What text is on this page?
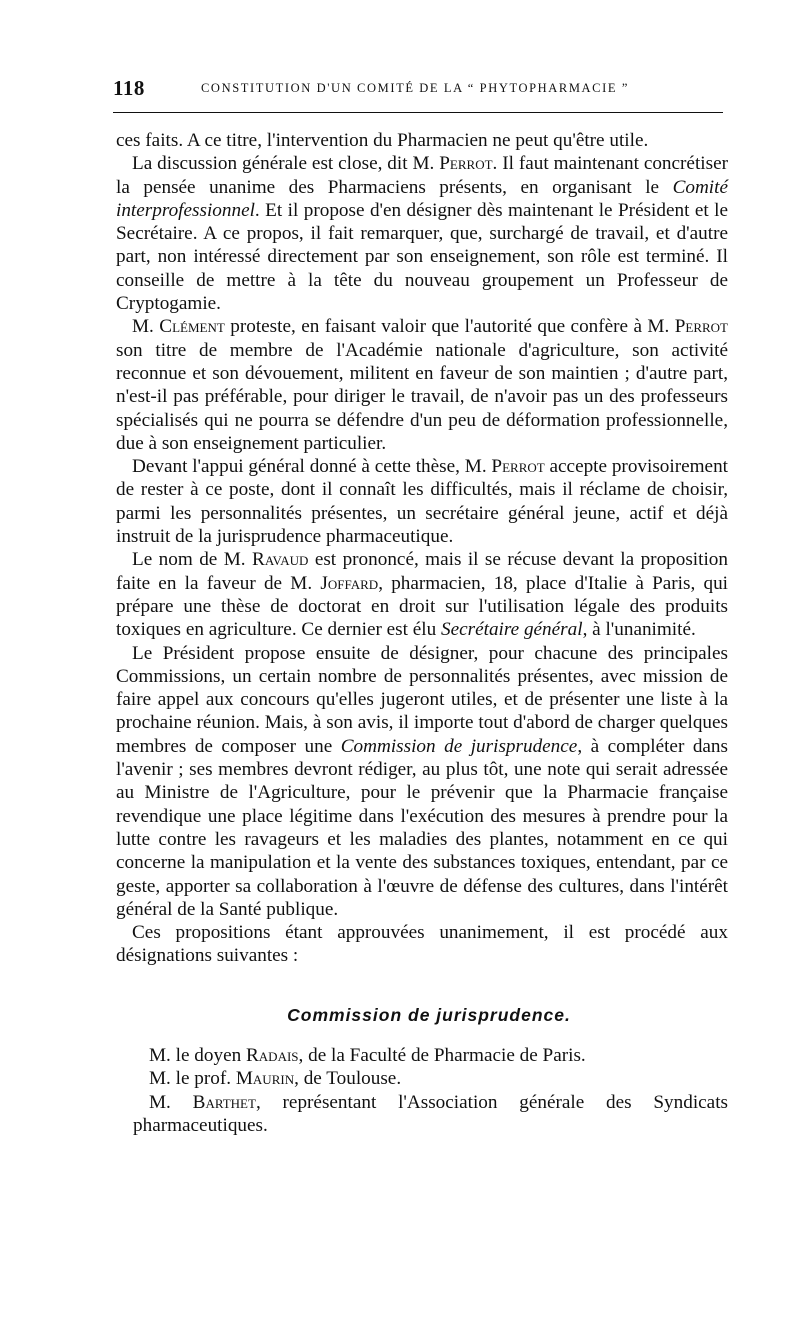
118	CONSTITUTION D'UN COMITÉ DE LA “ PHYTOPHARMACIE ”

ces faits. A ce titre, l'intervention du Pharmacien ne peut qu'être utile.

La discussion générale est close, dit M. Perrot. Il faut maintenant concrétiser la pensée unanime des Pharmaciens présents, en organisant le Comité interprofessionnel. Et il propose d'en désigner dès maintenant le Président et le Secrétaire. A ce propos, il fait remarquer, que, surchargé de travail, et d'autre part, non intéressé directement par son enseignement, son rôle est terminé. Il conseille de mettre à la tête du nouveau groupement un Professeur de Cryptogamie.

M. Clément proteste, en faisant valoir que l'autorité que confère à M. Perrot son titre de membre de l'Académie nationale d'agriculture, son activité reconnue et son dévouement, militent en faveur de son maintien ; d'autre part, n'est-il pas préférable, pour diriger le travail, de n'avoir pas un des professeurs spécialisés qui ne pourra se défendre d'un peu de déformation professionnelle, due à son enseignement particulier.

Devant l'appui général donné à cette thèse, M. Perrot accepte provisoirement de rester à ce poste, dont il connaît les difficultés, mais il réclame de choisir, parmi les personnalités présentes, un secrétaire général jeune, actif et déjà instruit de la jurisprudence pharmaceutique.

Le nom de M. Ravaud est prononcé, mais il se récuse devant la proposition faite en la faveur de M. Joffard, pharmacien, 18, place d'Italie à Paris, qui prépare une thèse de doctorat en droit sur l'utilisation légale des produits toxiques en agriculture. Ce dernier est élu Secrétaire général, à l'unanimité.

Le Président propose ensuite de désigner, pour chacune des principales Commissions, un certain nombre de personnalités présentes, avec mission de faire appel aux concours qu'elles jugeront utiles, et de présenter une liste à la prochaine réunion. Mais, à son avis, il importe tout d'abord de charger quelques membres de composer une Commission de jurisprudence, à compléter dans l'avenir ; ses membres devront rédiger, au plus tôt, une note qui serait adressée au Ministre de l'Agriculture, pour le prévenir que la Pharmacie française revendique une place légitime dans l'exécution des mesures à prendre pour la lutte contre les ravageurs et les maladies des plantes, notamment en ce qui concerne la manipulation et la vente des substances toxiques, entendant, par ce geste, apporter sa collaboration à l'œuvre de défense des cultures, dans l'intérêt général de la Santé publique.

Ces propositions étant approuvées unanimement, il est procédé aux désignations suivantes :

Commission de jurisprudence.

M. le doyen Radais, de la Faculté de Pharmacie de Paris.

M. le prof. Maurin, de Toulouse.

M. Barthet, représentant l'Association générale des Syndicats pharmaceutiques.
